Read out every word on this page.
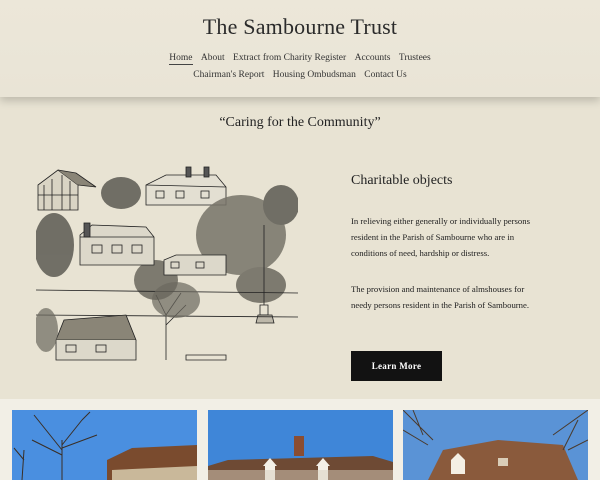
The Sambourne Trust
Home About Extract from Charity Register Accounts Trustees
Chairman's Report Housing Ombudsman Contact Us
“Caring for the Community”
Charitable objects

In relieving either generally or individually persons resident in the Parish of Sambourne who are in conditions of need, hardship or distress.

The provision and maintenance of almshouses for needy persons resident in the Parish of Sambourne.

Learn More
